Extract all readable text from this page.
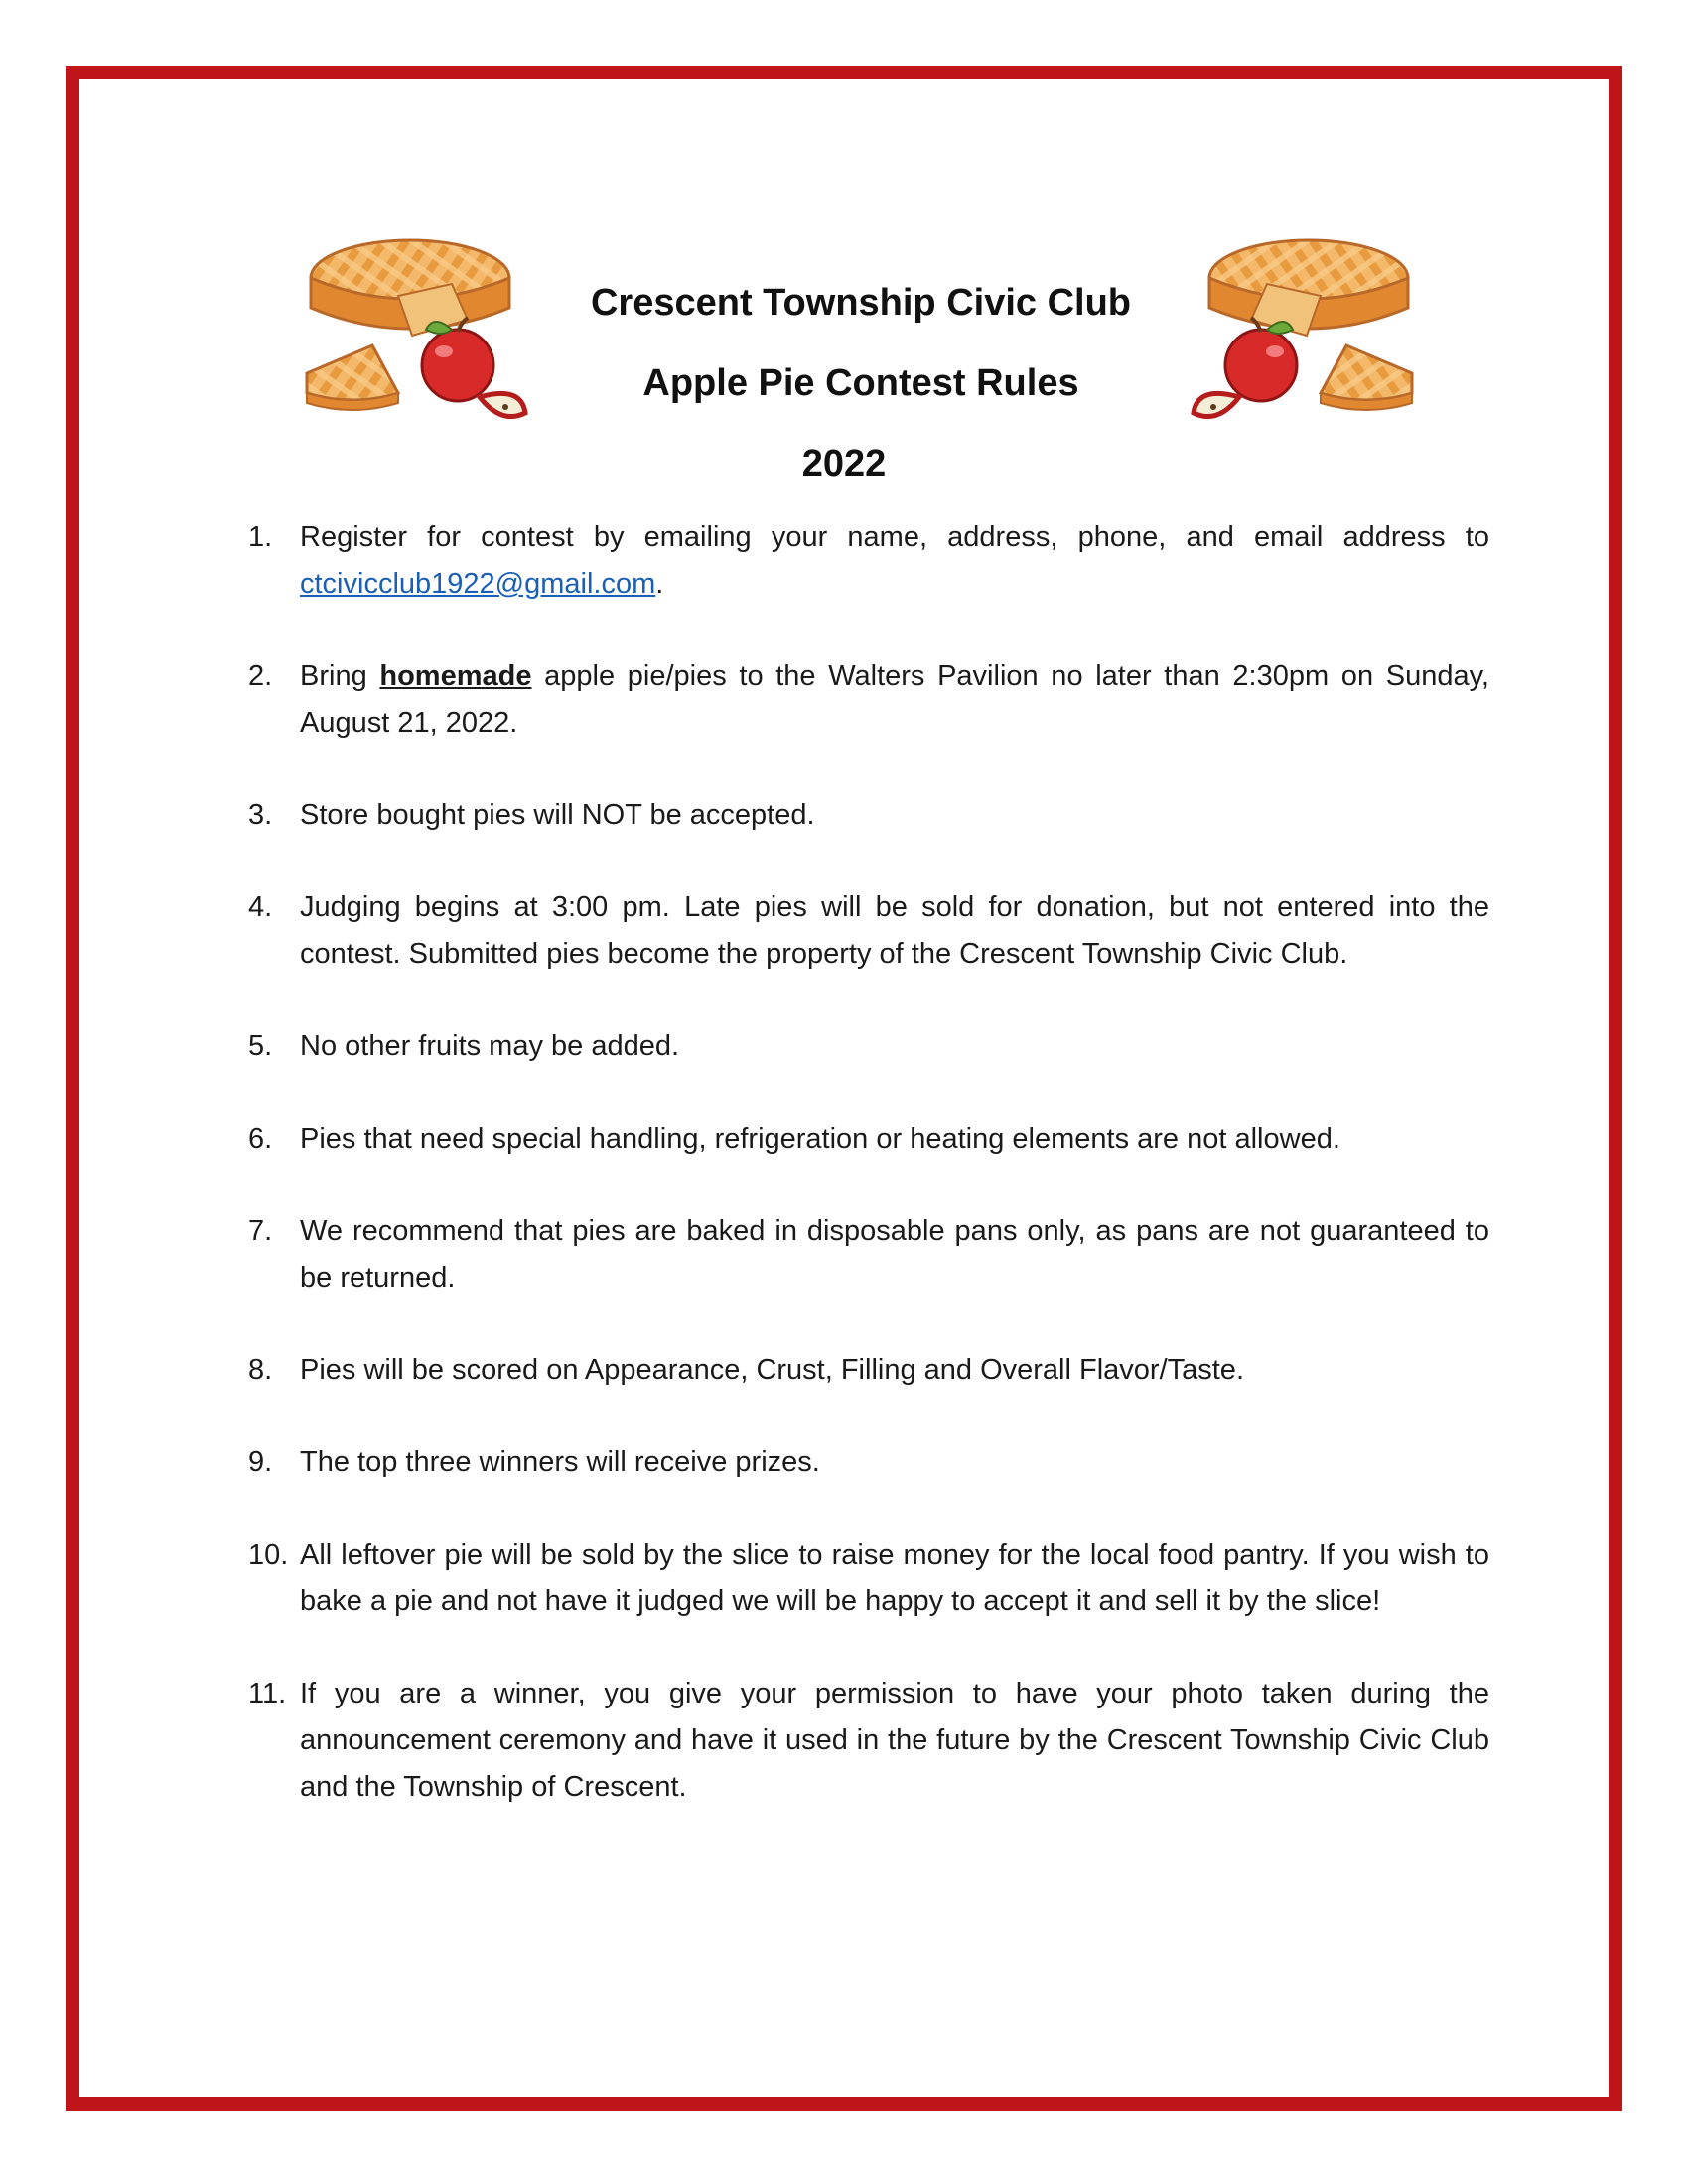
Crescent Township Civic Club
Apple Pie Contest Rules
2022
1. Register for contest by emailing your name, address, phone, and email address to ctcivicclub1922@gmail.com.
2. Bring homemade apple pie/pies to the Walters Pavilion no later than 2:30pm on Sunday, August 21, 2022.
3. Store bought pies will NOT be accepted.
4. Judging begins at 3:00 pm. Late pies will be sold for donation, but not entered into the contest. Submitted pies become the property of the Crescent Township Civic Club.
5. No other fruits may be added.
6. Pies that need special handling, refrigeration or heating elements are not allowed.
7. We recommend that pies are baked in disposable pans only, as pans are not guaranteed to be returned.
8. Pies will be scored on Appearance, Crust, Filling and Overall Flavor/Taste.
9. The top three winners will receive prizes.
10. All leftover pie will be sold by the slice to raise money for the local food pantry. If you wish to bake a pie and not have it judged we will be happy to accept it and sell it by the slice!
11. If you are a winner, you give your permission to have your photo taken during the announcement ceremony and have it used in the future by the Crescent Township Civic Club and the Township of Crescent.
